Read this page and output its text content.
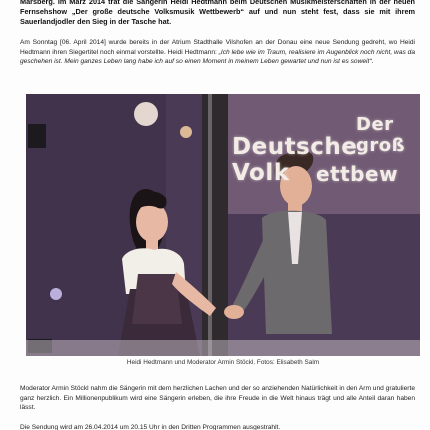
Marsberg. Im März 2014 trat die Sängerin Heidi Hedtmann beim Deutschen Musikmeisterschaften in der neuen Fernsehshow „Der große deutsche Volksmusik Wettbewerb“ auf und nun steht fest, dass sie mit ihrem Sauerlandjodler den Sieg in der Tasche hat.
Am Sonntag [06. April 2014] wurde bereits in der Atrium Stadthalle Vilshofen an der Donau eine neue Sendung gedreht, wo Heidi Hedtmann ihren Siegertitel noch einmal vorstellte. Heidi Hedtmann: „Ich lebe wie im Traum, realisiere im Augenblick noch nicht, was da geschehen ist. Mein ganzes Leben lang habe ich auf so einen Moment in meinem Leben gewartet und nun ist es soweit“.
Der groß
Deutsche Volk	ettbew
Heidi Hedtmann und Moderator Armin Stöckl. Fotos: Elisabeth Salm
Moderator Armin Stöckl nahm die Sängerin mit dem herzlichen Lachen und der so anziehenden Natürlichkeit in den Arm und gratulierte ganz herzlich. Ein Millionenpublikum wird eine Sängerin erleben, die ihre Freude in die Welt hinaus trägt und alle Anteil daran haben lässt.
Die Sendung wird am 26.04.2014 um 20.15 Uhr in den Dritten Programmen ausgestrahlt.
